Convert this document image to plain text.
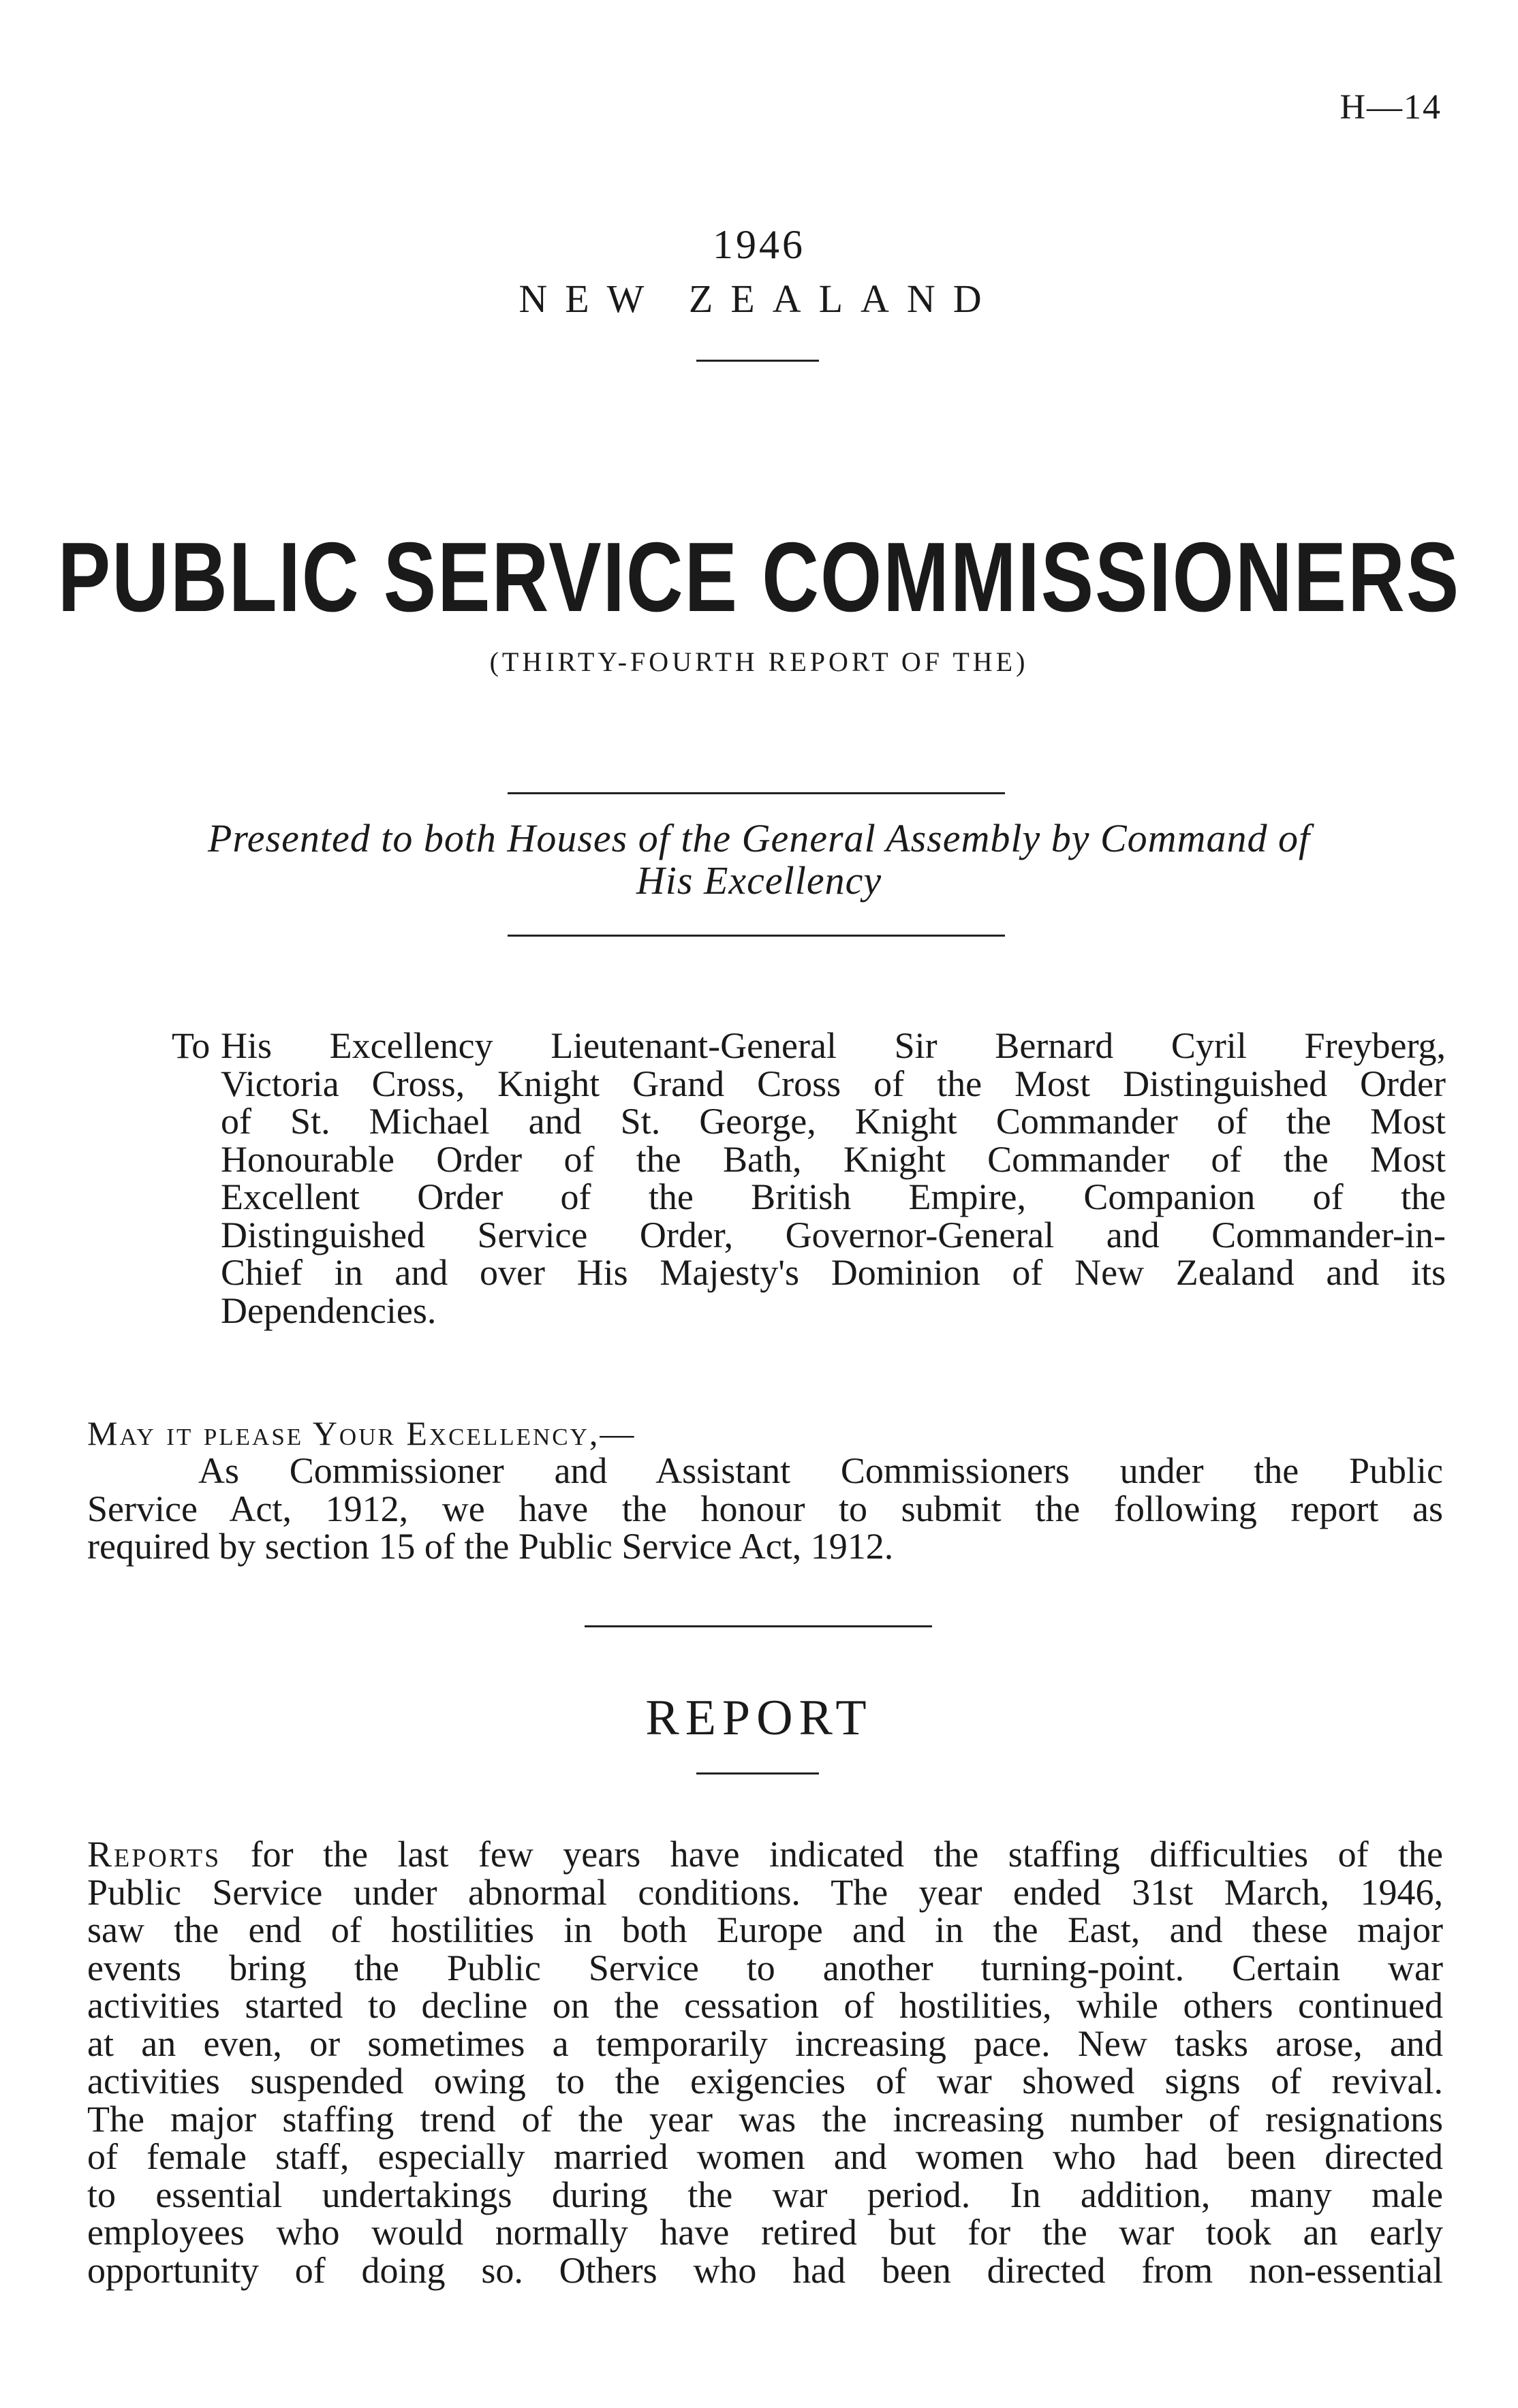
H—14
1946
NEW ZEALAND
PUBLIC SERVICE COMMISSIONERS
(THIRTY-FOURTH REPORT OF THE)
Presented to both Houses of the General Assembly by Command of
His Excellency
To His Excellency Lieutenant-General Sir Bernard Cyril Freyberg,
Victoria Cross, Knight Grand Cross of the Most Distinguished Order
of St. Michael and St. George, Knight Commander of the Most
Honourable Order of the Bath, Knight Commander of the Most
Excellent Order of the British Empire, Companion of the
Distinguished Service Order, Governor-General and Commander-in-
Chief in and over His Majesty's Dominion of New Zealand and its
Dependencies.
May it please Your Excellency,—
As Commissioner and Assistant Commissioners under the Public
Service Act, 1912, we have the honour to submit the following report as
required by section 15 of the Public Service Act, 1912.
REPORT
Reports for the last few years have indicated the staffing difficulties of the
Public Service under abnormal conditions. The year ended 31st March, 1946,
saw the end of hostilities in both Europe and in the East, and these major
events bring the Public Service to another turning-point. Certain war
activities started to decline on the cessation of hostilities, while others continued
at an even, or sometimes a temporarily increasing pace. New tasks arose, and
activities suspended owing to the exigencies of war showed signs of revival.
The major staffing trend of the year was the increasing number of resignations
of female staff, especially married women and women who had been directed
to essential undertakings during the war period. In addition, many male
employees who would normally have retired but for the war took an early
opportunity of doing so. Others who had been directed from non-essential
